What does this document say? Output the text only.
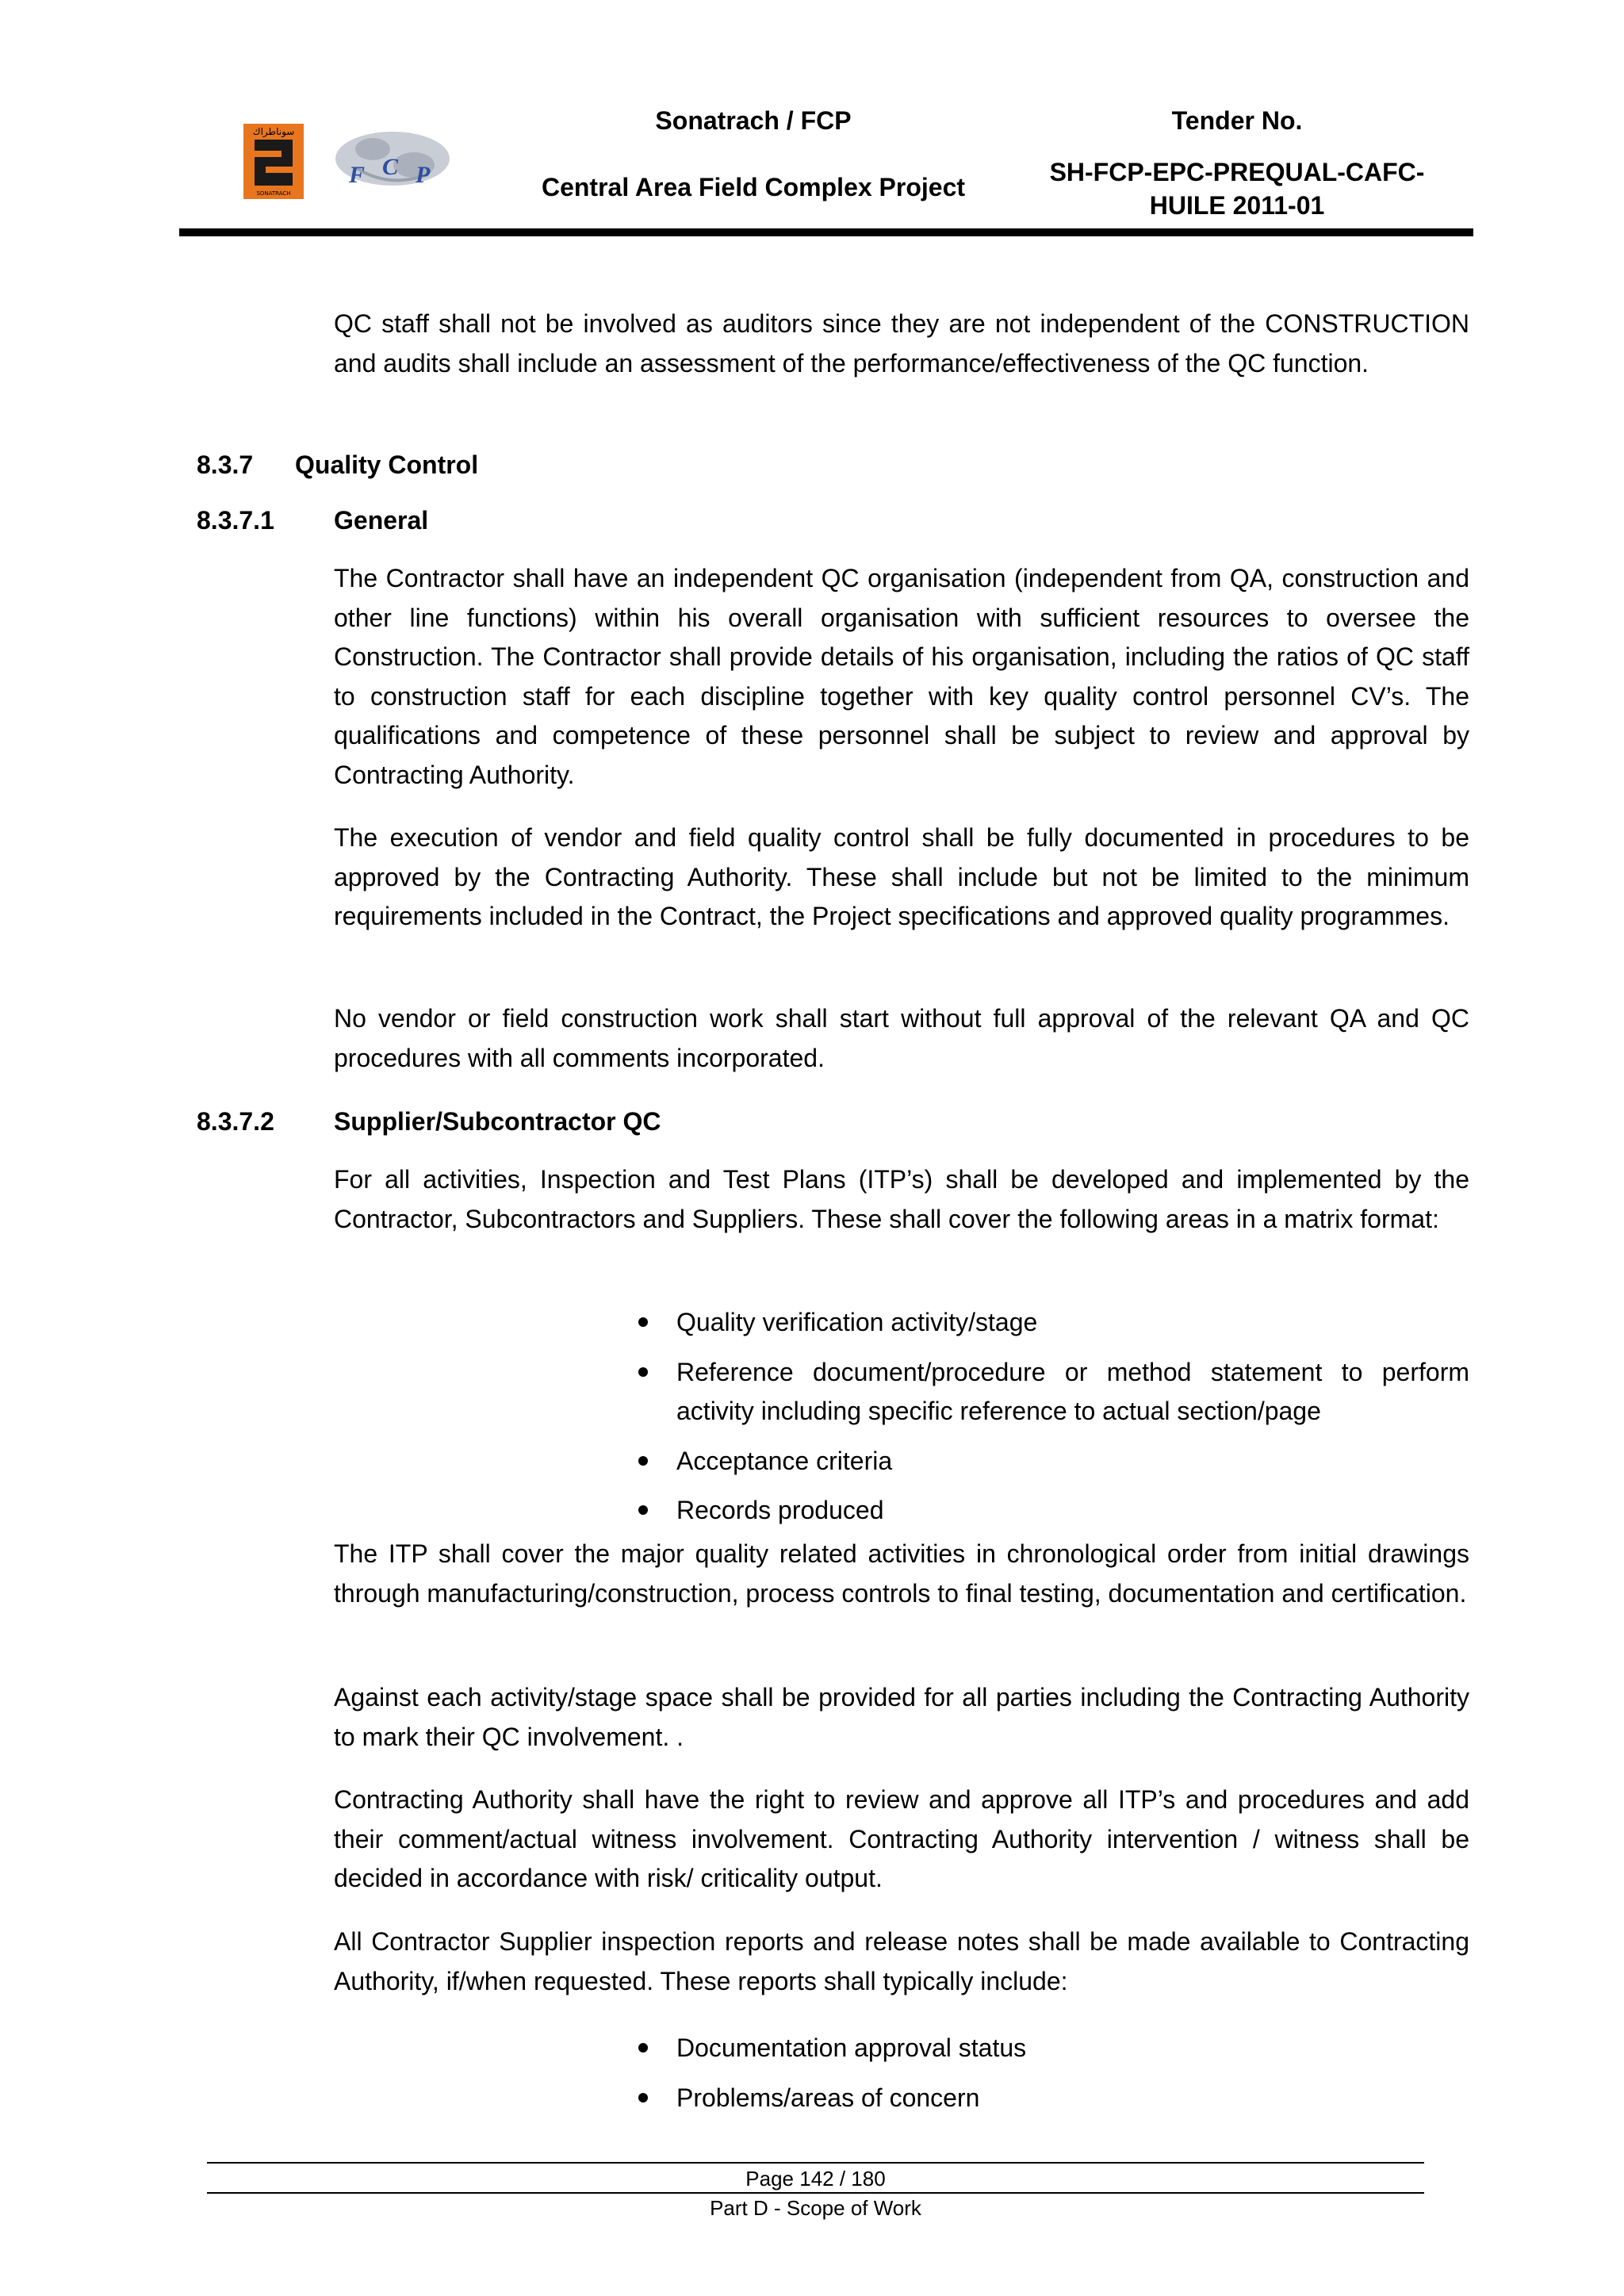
سوناطراك
SONATRACH
F C P
Sonatrach / FCP
Central Area Field Complex Project
Tender No.
SH-FCP-EPC-PREQUAL-CAFC-
HUILE 2011-01
QC staff shall not be involved as auditors since they are not independent of the CONSTRUCTION and audits shall include an assessment of the performance/effectiveness of the QC function.
8.3.7 Quality Control
8.3.7.1 General
The Contractor shall have an independent QC organisation (independent from QA, construction and other line functions) within his overall organisation with sufficient resources to oversee the Construction. The Contractor shall provide details of his organisation, including the ratios of QC staff to construction staff for each discipline together with key quality control personnel CV’s. The qualifications and competence of these personnel shall be subject to review and approval by Contracting Authority.
The execution of vendor and field quality control shall be fully documented in procedures to be approved by the Contracting Authority. These shall include but not be limited to the minimum requirements included in the Contract, the Project specifications and approved quality programmes.
No vendor or field construction work shall start without full approval of the relevant QA and QC procedures with all comments incorporated.
8.3.7.2 Supplier/Subcontractor QC
For all activities, Inspection and Test Plans (ITP’s) shall be developed and implemented by the Contractor, Subcontractors and Suppliers. These shall cover the following areas in a matrix format:
Quality verification activity/stage
Reference document/procedure or method statement to perform activity including specific reference to actual section/page
Acceptance criteria
Records produced
The ITP shall cover the major quality related activities in chronological order from initial drawings through manufacturing/construction, process controls to final testing, documentation and certification.
Against each activity/stage space shall be provided for all parties including the Contracting Authority to mark their QC involvement. .
Contracting Authority shall have the right to review and approve all ITP’s and procedures and add their comment/actual witness involvement. Contracting Authority intervention / witness shall be decided in accordance with risk/ criticality output.
All Contractor Supplier inspection reports and release notes shall be made available to Contracting Authority, if/when requested. These reports shall typically include:
Documentation approval status
Problems/areas of concern
Page 142 / 180
Part D - Scope of Work
